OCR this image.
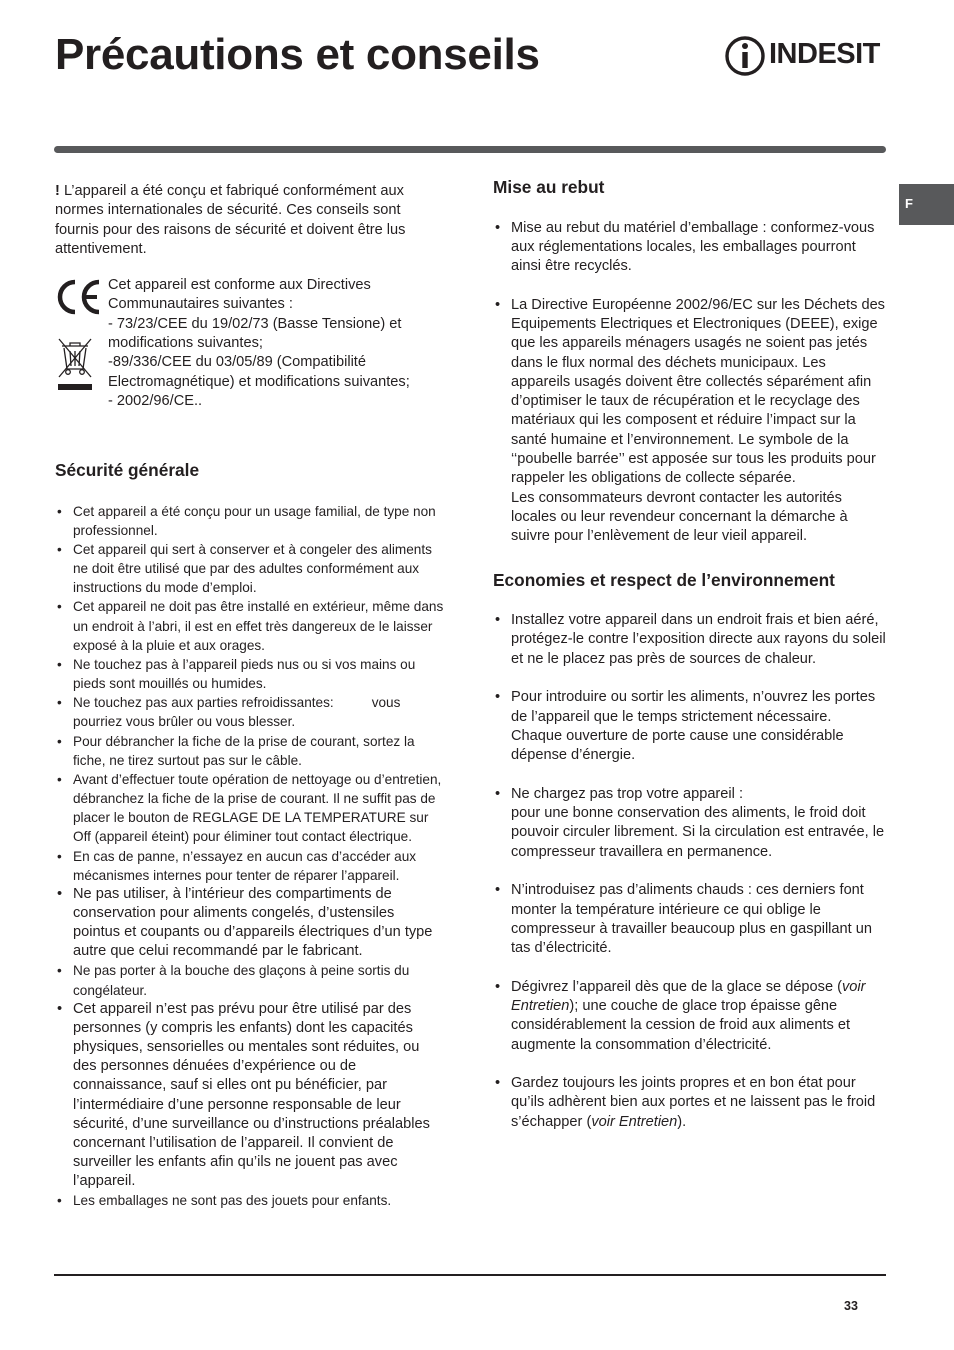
Précautions et conseils	INDESIT
F

! L’appareil a été conçu et fabriqué conformément aux normes internationales de sécurité. Ces conseils sont fournis pour des raisons de sécurité et doivent être lus attentivement.

Cet appareil est conforme aux Directives
Communautaires suivantes :
- 73/23/CEE du 19/02/73 (Basse Tensione) et
modifications suivantes;
-89/336/CEE du 03/05/89 (Compatibilité
Electromagnétique) et modifications suivantes;
- 2002/96/CE..
Sécurité générale
• Cet appareil a été conçu pour un usage familial, de type non professionnel.
• Cet appareil qui sert à conserver et à congeler des aliments ne doit être utilisé que par des adultes conformément aux instructions du mode d’emploi.
• Cet appareil ne doit pas être installé en extérieur, même dans un endroit à l’abri, il est en effet très dangereux de le laisser exposé à la pluie et aux orages.
• Ne touchez pas à l’appareil pieds nus ou si vos mains ou pieds sont mouillés ou humides.
• Ne touchez pas aux parties refroidissantes:	vous pourriez vous brûler ou vous blesser.
• Pour débrancher la fiche de la prise de courant, sortez la fiche, ne tirez surtout pas sur le câble.
• Avant d’effectuer toute opération de nettoyage ou d’entretien, débranchez la fiche de la prise de courant. Il ne suffit pas de placer le bouton de REGLAGE DE LA TEMPERATURE sur Off (appareil éteint) pour éliminer tout contact électrique.
• En cas de panne, n’essayez en aucun cas d’accéder aux mécanismes internes pour tenter de réparer l’appareil.
• Ne pas utiliser, à l’intérieur des compartiments de conservation pour aliments congelés, d’ustensiles pointus et coupants ou d’appareils électriques d’un type autre que celui recommandé par le fabricant.
• Ne pas porter à la bouche des glaçons à peine sortis du congélateur.
• Cet appareil n’est pas prévu pour être utilisé par des personnes (y compris les enfants) dont les capacités physiques, sensorielles ou mentales sont réduites, ou des personnes dénuées d’expérience ou de connaissance, sauf si elles ont pu bénéficier, par l’intermédiaire d’une personne responsable de leur sécurité, d’une surveillance ou d’instructions préalables concernant l’utilisation de l’appareil. Il convient de surveiller les enfants afin qu’ils ne jouent pas avec l’appareil.
• Les emballages ne sont pas des jouets pour enfants.
Mise au rebut
• Mise au rebut du matériel d’emballage : conformez-vous aux réglementations locales, les emballages pourront ainsi être recyclés.
• La Directive Européenne 2002/96/EC sur les Déchets des Equipements Electriques et Electroniques (DEEE), exige que les appareils ménagers usagés ne soient pas jetés dans le flux normal des déchets municipaux. Les appareils usagés doivent être collectés séparément afin d’optimiser le taux de récupération et le recyclage des matériaux qui les composent et réduire l’impact sur la santé humaine et l’environnement. Le symbole de la ‘‘poubelle barrée’’ est apposée sur tous les produits pour rappeler les obligations de collecte séparée.
Les consommateurs devront contacter les autorités locales ou leur revendeur concernant la démarche à suivre pour l’enlèvement de leur vieil appareil.
Economies et respect de l’environnement
• Installez votre appareil dans un endroit frais et bien aéré, protégez-le contre l’exposition directe aux rayons du soleil et ne le placez pas près de sources de chaleur.
• Pour introduire ou sortir les aliments, n’ouvrez les portes de l’appareil que le temps strictement nécessaire.
Chaque ouverture de porte cause une considérable dépense d’énergie.
• Ne chargez pas trop votre appareil :
pour une bonne conservation des aliments, le froid doit pouvoir circuler librement. Si la circulation est entravée, le compresseur travaillera en permanence.
• N’introduisez pas d’aliments chauds : ces derniers font monter la température intérieure ce qui oblige le compresseur à travailler beaucoup plus en gaspillant un tas d’électricité.
• Dégivrez l’appareil dès que de la glace se dépose (voir Entretien); une couche de glace trop épaisse gêne considérablement la cession de froid aux aliments et augmente la consommation d’électricité.
• Gardez toujours les joints propres et en bon état pour qu’ils adhèrent bien aux portes et ne laissent pas le froid s’échapper (voir Entretien).
33
